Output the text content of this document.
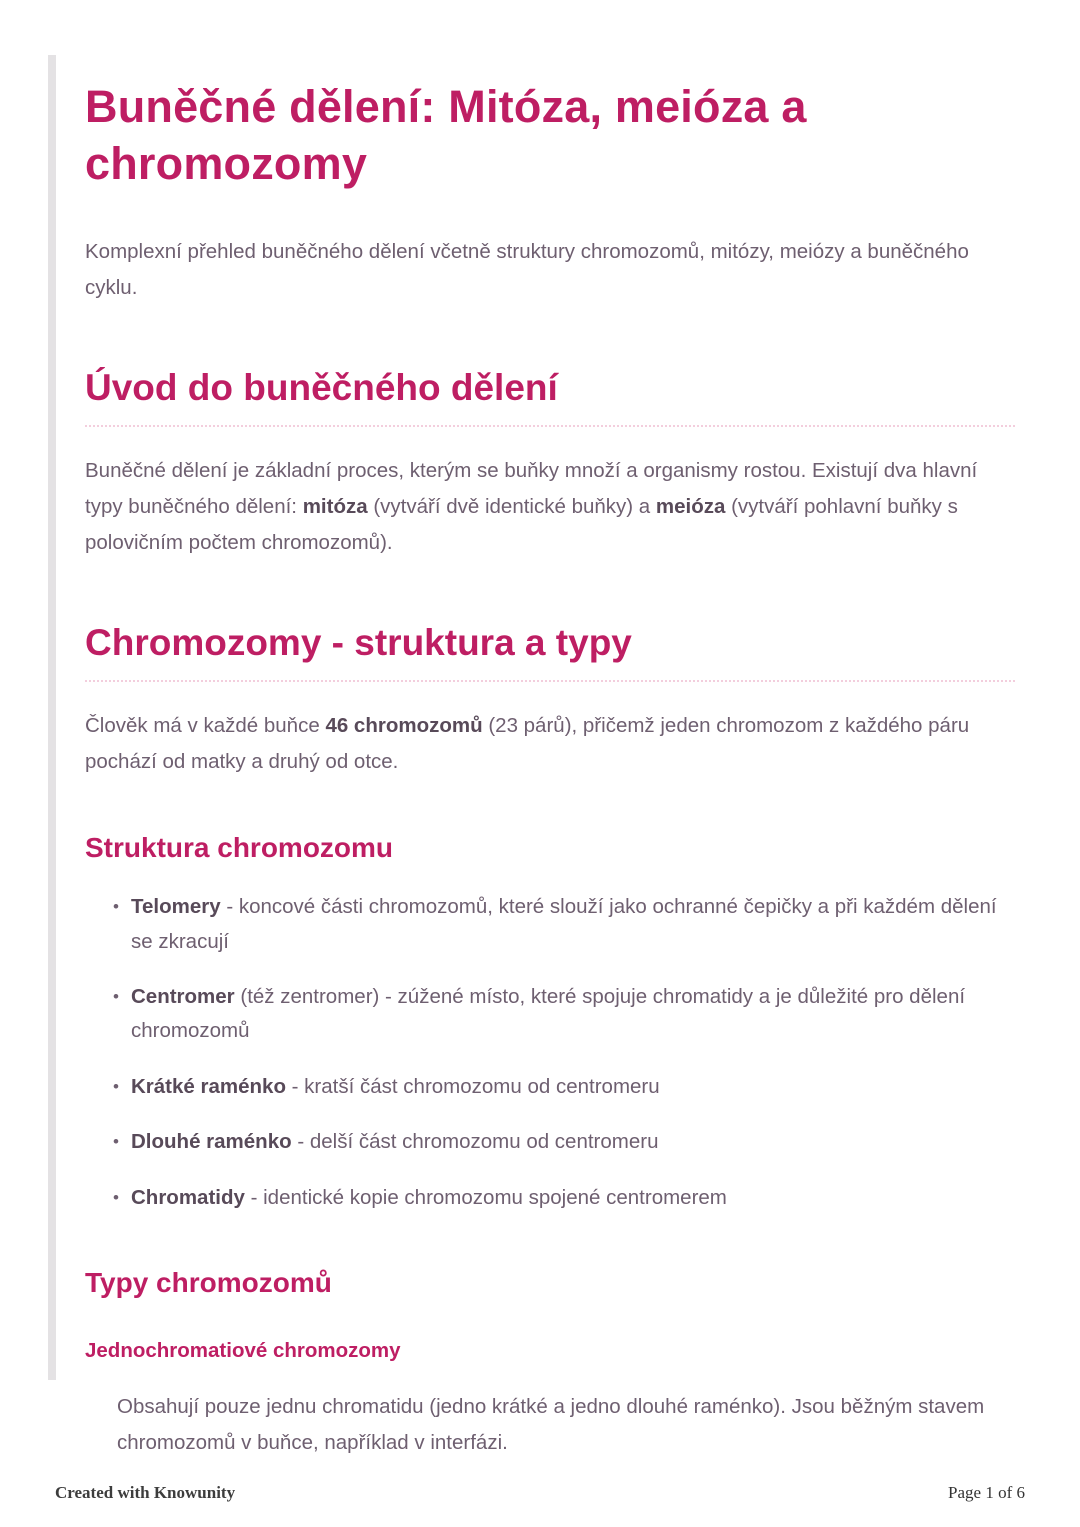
Buněčné dělení: Mitóza, meióza a chromozomy

Komplexní přehled buněčného dělení včetně struktury chromozomů, mitózy, meiózy a buněčného cyklu.

Úvod do buněčného dělení

Buněčné dělení je základní proces, kterým se buňky množí a organismy rostou. Existují dva hlavní typy buněčného dělení: mitóza (vytváří dvě identické buňky) a meióza (vytváří pohlavní buňky s polovičním počtem chromozomů).

Chromozomy - struktura a typy

Člověk má v každé buňce 46 chromozomů (23 párů), přičemž jeden chromozom z každého páru pochází od matky a druhý od otce.

Struktura chromozomu
• Telomery - koncové části chromozomů, které slouží jako ochranné čepičky a při každém dělení se zkracují
• Centromer (též zentromer) - zúžené místo, které spojuje chromatidy a je důležité pro dělení chromozomů
• Krátké raménko - kratší část chromozomu od centromeru
• Dlouhé raménko - delší část chromozomu od centromeru
• Chromatidy - identické kopie chromozomu spojené centromerem
Typy chromozomů
Jednochromatiové chromozomy

Obsahují pouze jednu chromatidu (jedno krátké a jedno dlouhé raménko). Jsou běžným stavem chromozomů v buňce, například v interfázi.

Created with Knowunity	Page 1 of 6
